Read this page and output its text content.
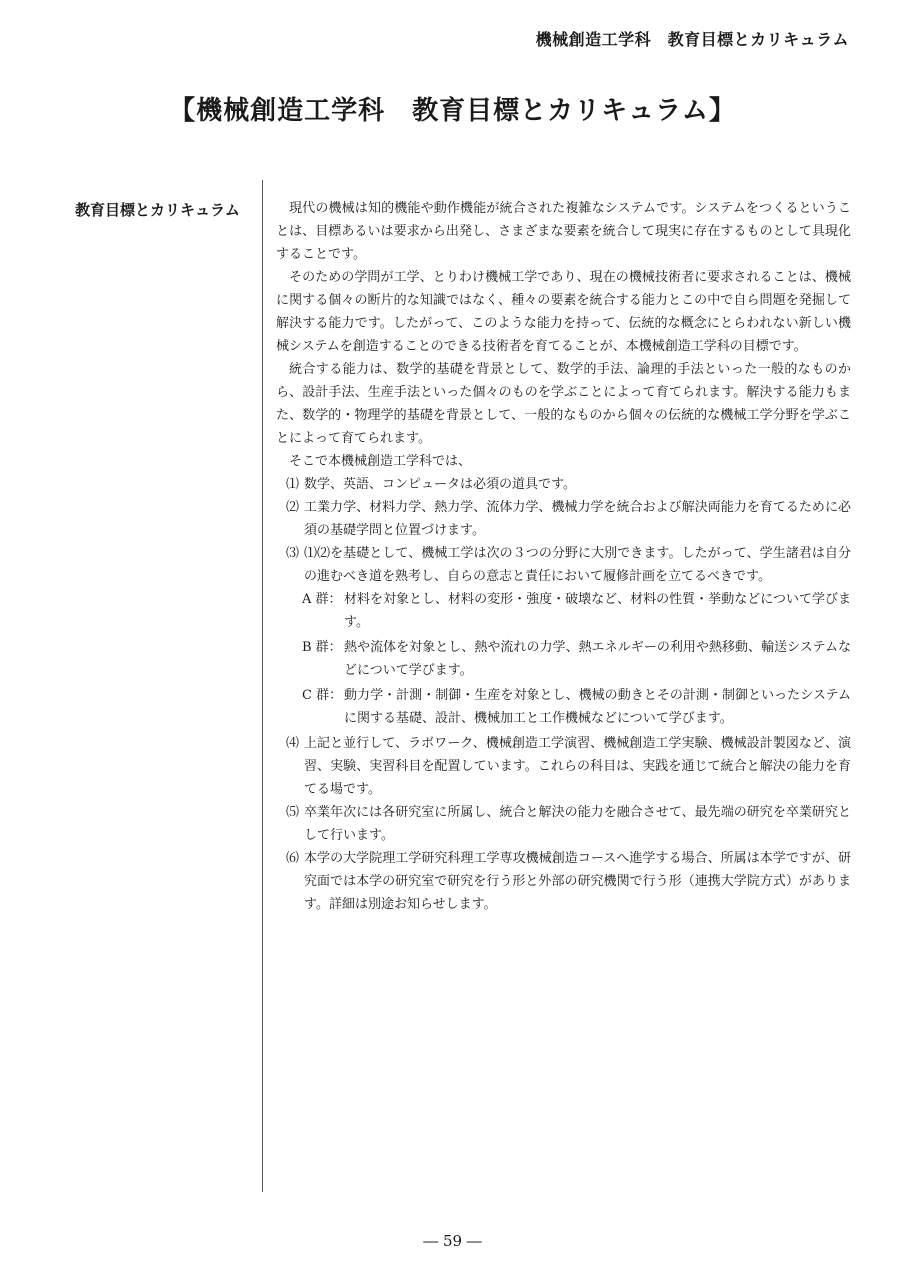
機械創造工学科　教育目標とカリキュラム
【機械創造工学科　教育目標とカリキュラム】
教育目標とカリキュラム	現代の機械は知的機能や動作機能が統合された複雑なシステムです。システムをつくるということは、目標あるいは要求から出発し、さまざまな要素を統合して現実に存在するものとして具現化することです。

そのための学問が工学、とりわけ機械工学であり、現在の機械技術者に要求されることは、機械に関する個々の断片的な知識ではなく、種々の要素を統合する能力とこの中で自ら問題を発掘して解決する能力です。したがって、このような能力を持って、伝統的な概念にとらわれない新しい機械システムを創造することのできる技術者を育てることが、本機械創造工学科の目標です。

統合する能力は、数学的基礎を背景として、数学的手法、論理的手法といった一般的なものから、設計手法、生産手法といった個々のものを学ぶことによって育てられます。解決する能力もまた、数学的・物理学的基礎を背景として、一般的なものから個々の伝統的な機械工学分野を学ぶことによって育てられます。

そこで本機械創造工学科では、

⑴ 数学、英語、コンピュータは必須の道具です。
⑵ 工業力学、材料力学、熱力学、流体力学、機械力学を統合および解決両能力を育てるために必須の基礎学問と位置づけます。
⑶ ⑴⑵を基礎として、機械工学は次の３つの分野に大別できます。したがって、学生諸君は自分の進むべき道を熟考し、自らの意志と責任において履修計画を立てるべきです。
A 群： 材料を対象とし、材料の変形・強度・破壊など、材料の性質・挙動などについて学びます。
B 群： 熱や流体を対象とし、熱や流れの力学、熱エネルギーの利用や熱移動、輸送システムなどについて学びます。
C 群： 動力学・計測・制御・生産を対象とし、機械の動きとその計測・制御といったシステムに関する基礎、設計、機械加工と工作機械などについて学びます。
⑷ 上記と並行して、ラボワーク、機械創造工学演習、機械創造工学実験、機械設計製図など、演習、実験、実習科目を配置しています。これらの科目は、実践を通じて統合と解決の能力を育てる場です。
⑸ 卒業年次には各研究室に所属し、統合と解決の能力を融合させて、最先端の研究を卒業研究として行います。
⑹ 本学の大学院理工学研究科理工学専攻機械創造コースへ進学する場合、所属は本学ですが、研究面では本学の研究室で研究を行う形と外部の研究機関で行う形（連携大学院方式）があります。詳細は別途お知らせします。
― 59 ―
